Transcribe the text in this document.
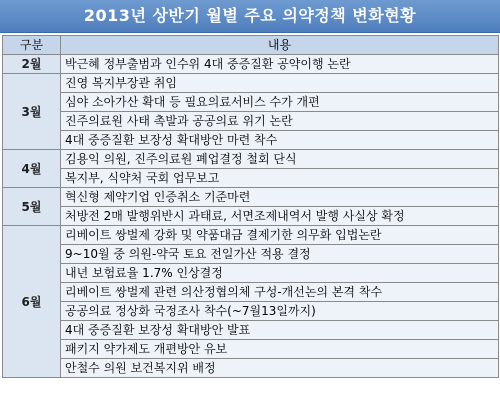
2013년 상반기 월별 주요 의약정책 변화현황
구분	내용
2월	박근혜 정부출범과 인수위 4대 중증질환 공약이행 논란
3월	진영 복지부장관 취임
	심야 소아가산 확대 등 필요의료서비스 수가 개편
	진주의료원 사태 촉발과 공공의료 위기 논란
	4대 중증질환 보장성 확대방안 마련 착수
4월	김용익 의원, 진주의료원 폐업결정 철회 단식
	복지부, 식약처 국회 업무보고
5월	혁신형 제약기업 인증취소 기준마련
	처방전 2매 발행위반시 과태료, 서면조제내역서 발행 사실상 확정
6월	리베이트 쌍벌제 강화 및 약품대금 결제기한 의무화 입법논란
	9~10월 중 의원-약국 토요 전일가산 적용 결정
	내년 보험료율 1.7% 인상결정
	리베이트 쌍벌제 관련 의산정협의체 구성-개선논의 본격 착수
	공공의료 정상화 국정조사 착수(~7월13일까지)
	4대 중증질환 보장성 확대방안 발표
	패키지 약가제도 개편방안 유보
	안철수 의원 보건복지위 배정
